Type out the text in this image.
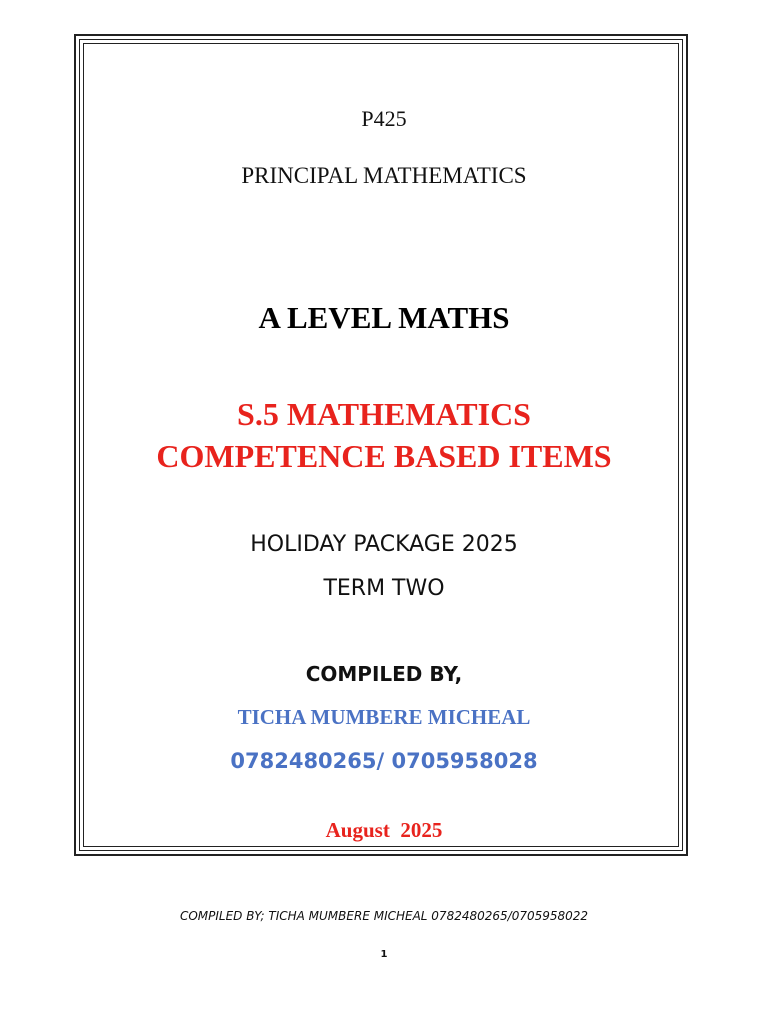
P425
PRINCIPAL MATHEMATICS
A LEVEL MATHS
S.5 MATHEMATICS
COMPETENCE BASED ITEMS
HOLIDAY PACKAGE 2025
TERM TWO
COMPILED BY,
TICHA MUMBERE MICHEAL
0782480265/ 0705958028
August  2025
COMPILED BY; TICHA MUMBERE MICHEAL 0782480265/0705958022
1
